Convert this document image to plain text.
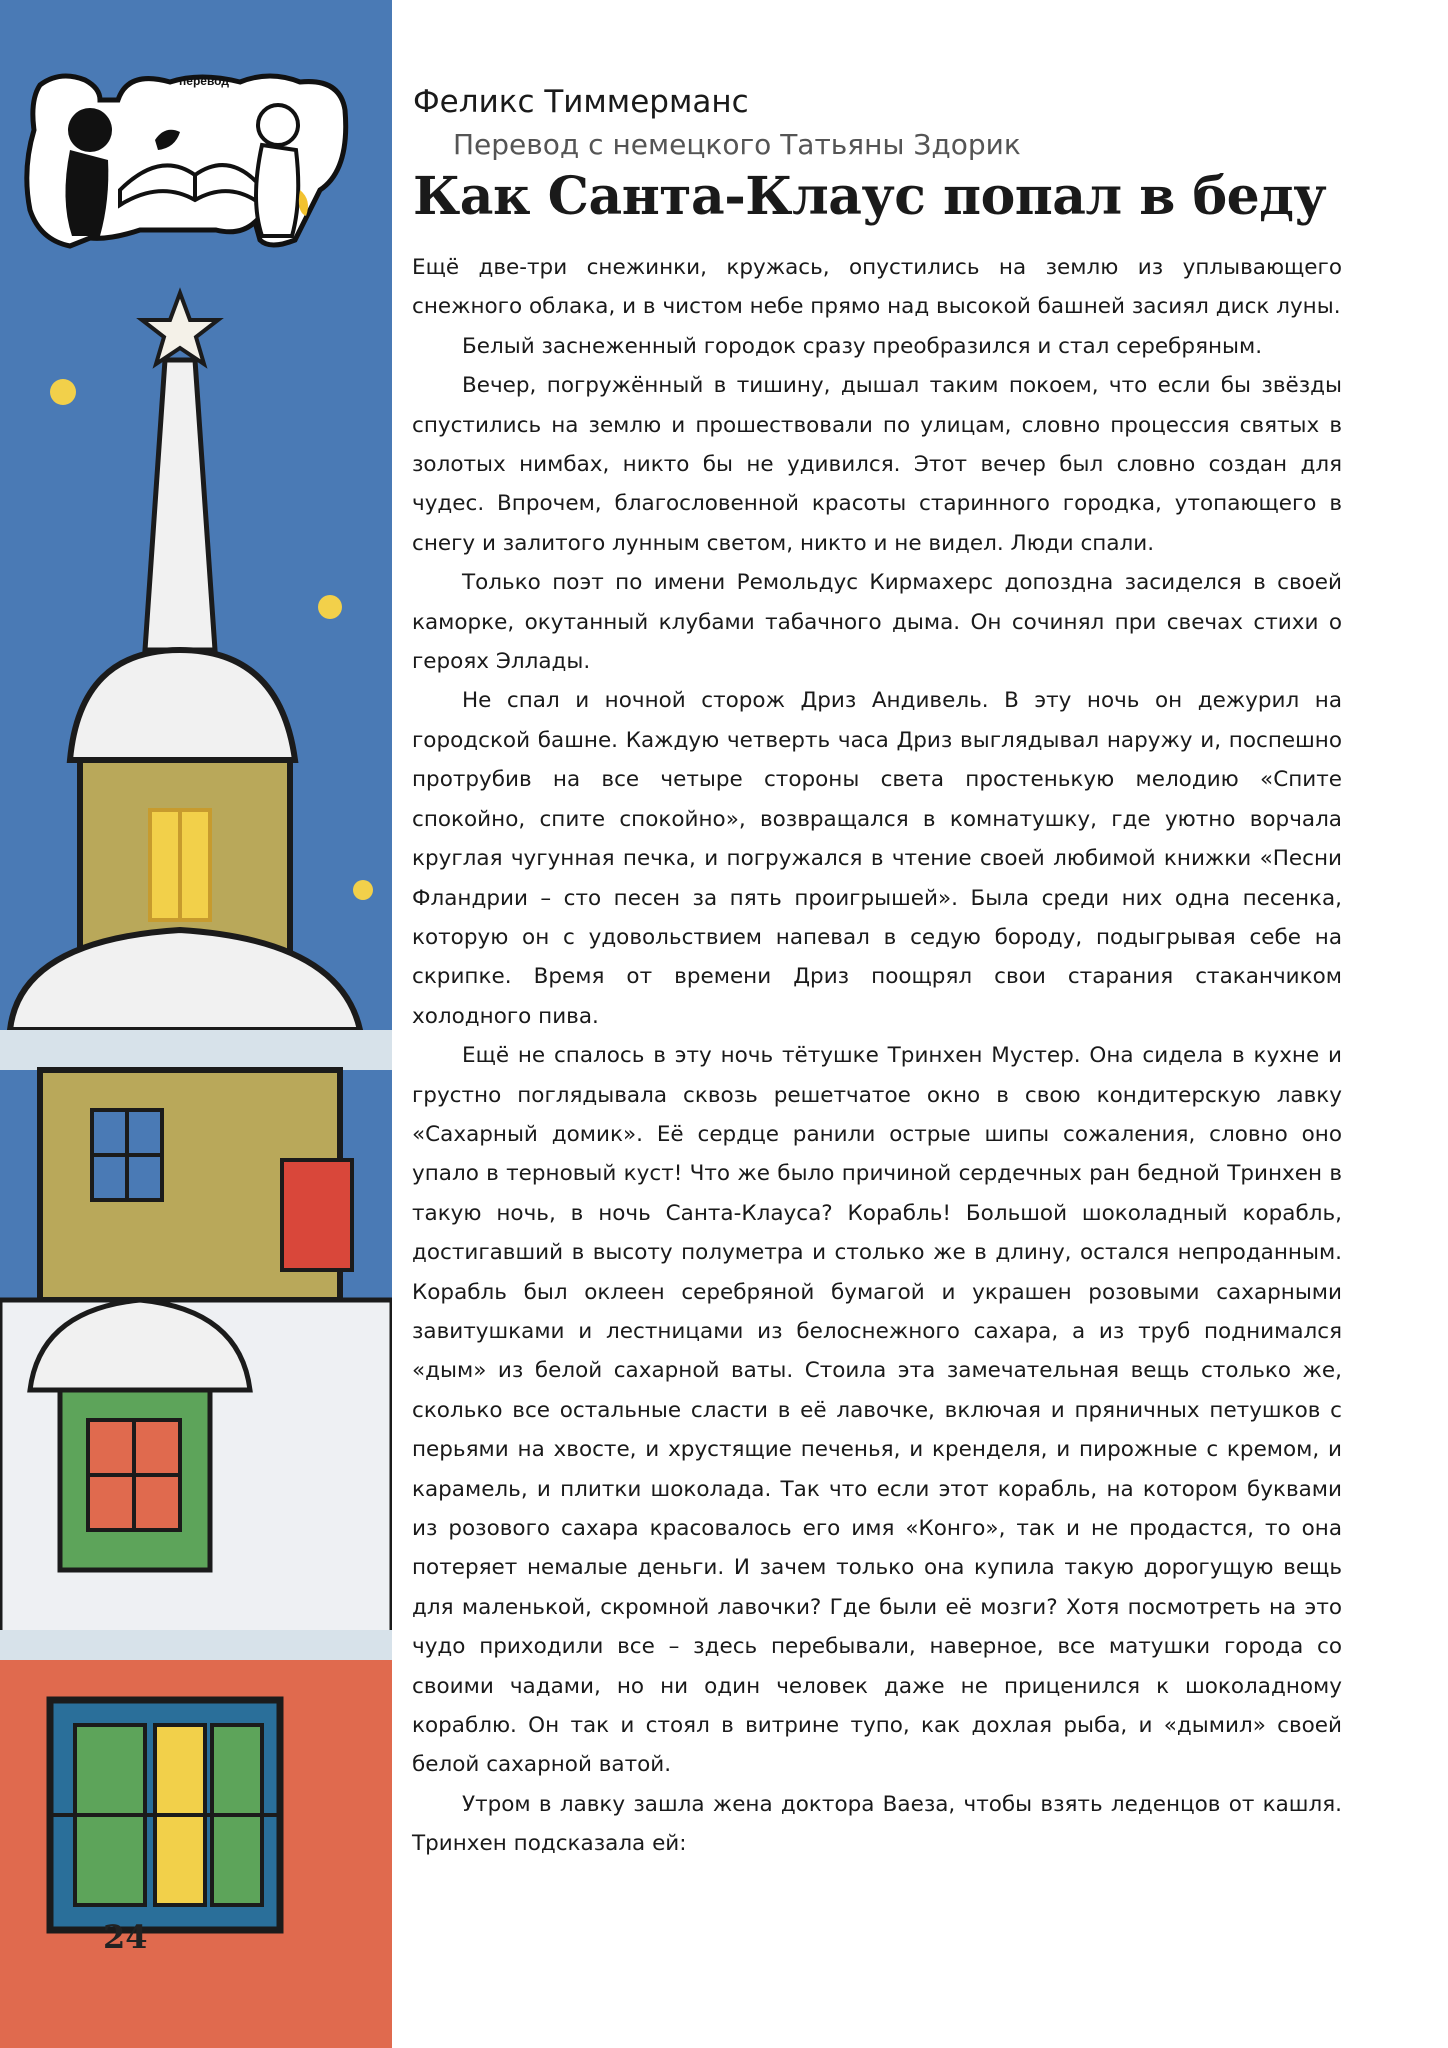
перевод

Феликс Тиммерманс

Перевод с немецкого Татьяны Здорик

Как Санта-Клаус попал в беду

Ещё две-три снежинки, кружась, опустились на землю из уплывающего снежного облака, и в чистом небе прямо над высокой башней засиял диск луны.

Белый заснеженный городок сразу преобразился и стал серебряным.

Вечер, погружённый в тишину, дышал таким покоем, что если бы звёзды спустились на землю и прошествовали по улицам, словно процессия святых в золотых нимбах, никто бы не удивился. Этот вечер был словно создан для чудес. Впрочем, благословенной красоты старинного городка, утопающего в снегу и залитого лунным светом, никто и не видел. Люди спали.

Только поэт по имени Ремольдус Кирмахерс допоздна засиделся в своей каморке, окутанный клубами табачного дыма. Он сочинял при свечах стихи о героях Эллады.

Не спал и ночной сторож Дриз Андивель. В эту ночь он дежурил на городской башне. Каждую четверть часа Дриз выглядывал наружу и, поспешно протрубив на все четыре стороны света простенькую мелодию «Спите спокойно, спите спокойно», возвращался в комнатушку, где уютно ворчала круглая чугунная печка, и погружался в чтение своей любимой книжки «Песни Фландрии – сто песен за пять проигрышей». Была среди них одна песенка, которую он с удовольствием напевал в седую бороду, подыгрывая себе на скрипке. Время от времени Дриз поощрял свои старания стаканчиком холодного пива.

Ещё не спалось в эту ночь тётушке Тринхен Мустер. Она сидела в кухне и грустно поглядывала сквозь решетчатое окно в свою кондитерскую лавку «Сахарный домик». Её сердце ранили острые шипы сожаления, словно оно упало в терновый куст! Что же было причиной сердечных ран бедной Тринхен в такую ночь, в ночь Санта-Клауса? Корабль! Большой шоколадный корабль, достигавший в высоту полуметра и столько же в длину, остался непроданным. Корабль был оклеен серебряной бумагой и украшен розовыми сахарными завитушками и лестницами из белоснежного сахара, а из труб поднимался «дым» из белой сахарной ваты. Стоила эта замечательная вещь столько же, сколько все остальные сласти в её лавочке, включая и пряничных петушков с перьями на хвосте, и хрустящие печенья, и кренделя, и пирожные с кремом, и карамель, и плитки шоколада. Так что если этот корабль, на котором буквами из розового сахара красовалось его имя «Конго», так и не продастся, то она потеряет немалые деньги. И зачем только она купила такую дорогущую вещь для маленькой, скромной лавочки? Где были её мозги? Хотя посмотреть на это чудо приходили все – здесь перебывали, наверное, все матушки города со своими чадами, но ни один человек даже не приценился к шоколадному кораблю. Он так и стоял в витрине тупо, как дохлая рыба, и «дымил» своей белой сахарной ватой.

Утром в лавку зашла жена доктора Ваеза, чтобы взять леденцов от кашля. Тринхен подсказала ей:

24
